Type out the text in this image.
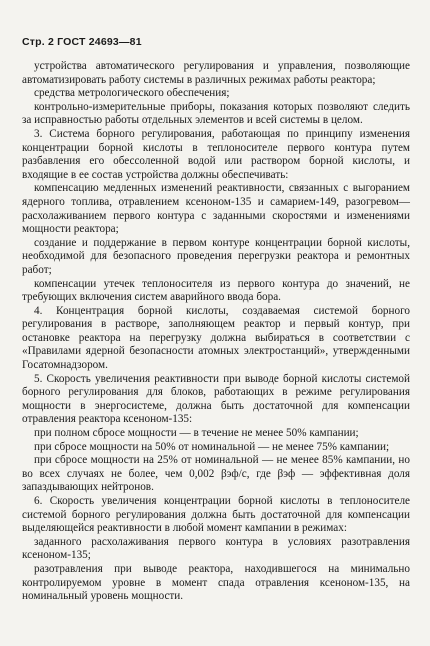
Стр. 2 ГОСТ 24693—81

устройства автоматического регулирования и управления, позволяющие автоматизировать работу системы в различных режимах работы реактора;

средства метрологического обеспечения;

контрольно-измерительные приборы, показания которых позволяют следить за исправностью работы отдельных элементов и всей системы в целом.

3. Система борного регулирования, работающая по принципу изменения концентрации борной кислоты в теплоносителе первого контура путем разбавления его обессоленной водой или раствором борной кислоты, и входящие в ее состав устройства должны обеспечивать:

компенсацию медленных изменений реактивности, связанных с выгоранием ядерного топлива, отравлением ксеноном-135 и самарием-149, разогревом—расхолаживанием первого контура с заданными скоростями и изменениями мощности реактора;

создание и поддержание в первом контуре концентрации борной кислоты, необходимой для безопасного проведения перегрузки реактора и ремонтных работ;

компенсации утечек теплоносителя из первого контура до значений, не требующих включения систем аварийного ввода бора.

4. Концентрация борной кислоты, создаваемая системой борного регулирования в растворе, заполняющем реактор и первый контур, при остановке реактора на перегрузку должна выбираться в соответствии с «Правилами ядерной безопасности атомных электростанций», утвержденными Госатомнадзором.

5. Скорость увеличения реактивности при выводе борной кислоты системой борного регулирования для блоков, работающих в режиме регулирования мощности в энергосистеме, должна быть достаточной для компенсации отравления реактора ксеноном-135:

при полном сбросе мощности — в течение не менее 50% кампании;

при сбросе мощности на 50% от номинальной — не менее 75% кампании;

при сбросе мощности на 25% от номинальной — не менее 85% кампании, но во всех случаях не более, чем 0,002 βэф/с, где βэф — эффективная доля запаздывающих нейтронов.

6. Скорость увеличения концентрации борной кислоты в теплоносителе системой борного регулирования должна быть достаточной для компенсации выделяющейся реактивности в любой момент кампании в режимах:

заданного расхолаживания первого контура в условиях разотравления ксеноном-135;

разотравления при выводе реактора, находившегося на минимально контролируемом уровне в момент спада отравления ксеноном-135, на номинальный уровень мощности.
